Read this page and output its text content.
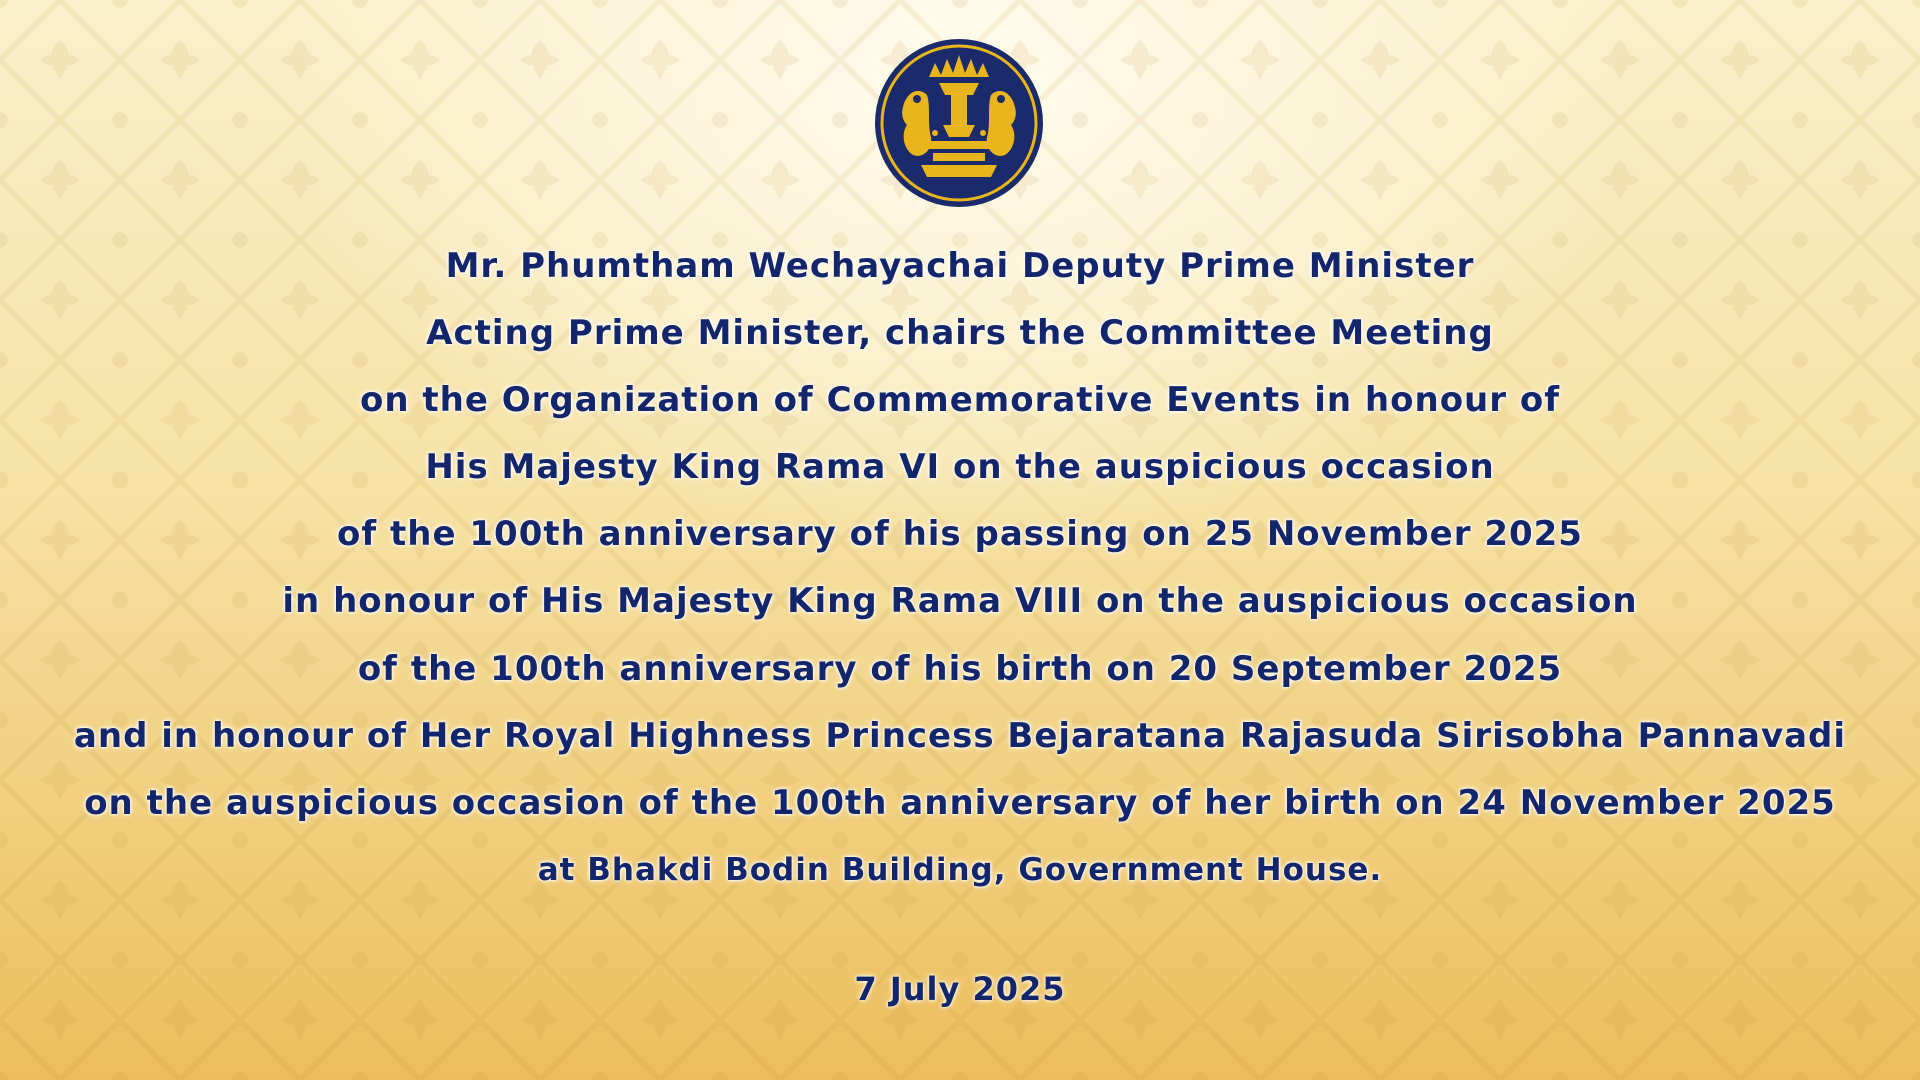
Mr. Phumtham Wechayachai Deputy Prime Minister
Acting Prime Minister, chairs the Committee Meeting
on the Organization of Commemorative Events in honour of
His Majesty King Rama VI on the auspicious occasion
of the 100th anniversary of his passing on 25 November 2025
in honour of His Majesty King Rama VIII on the auspicious occasion
of the 100th anniversary of his birth on 20 September 2025
and in honour of Her Royal Highness Princess Bejaratana Rajasuda Sirisobha Pannavadi
on the auspicious occasion of the 100th anniversary of her birth on 24 November 2025
at Bhakdi Bodin Building, Government House.
7 July 2025
